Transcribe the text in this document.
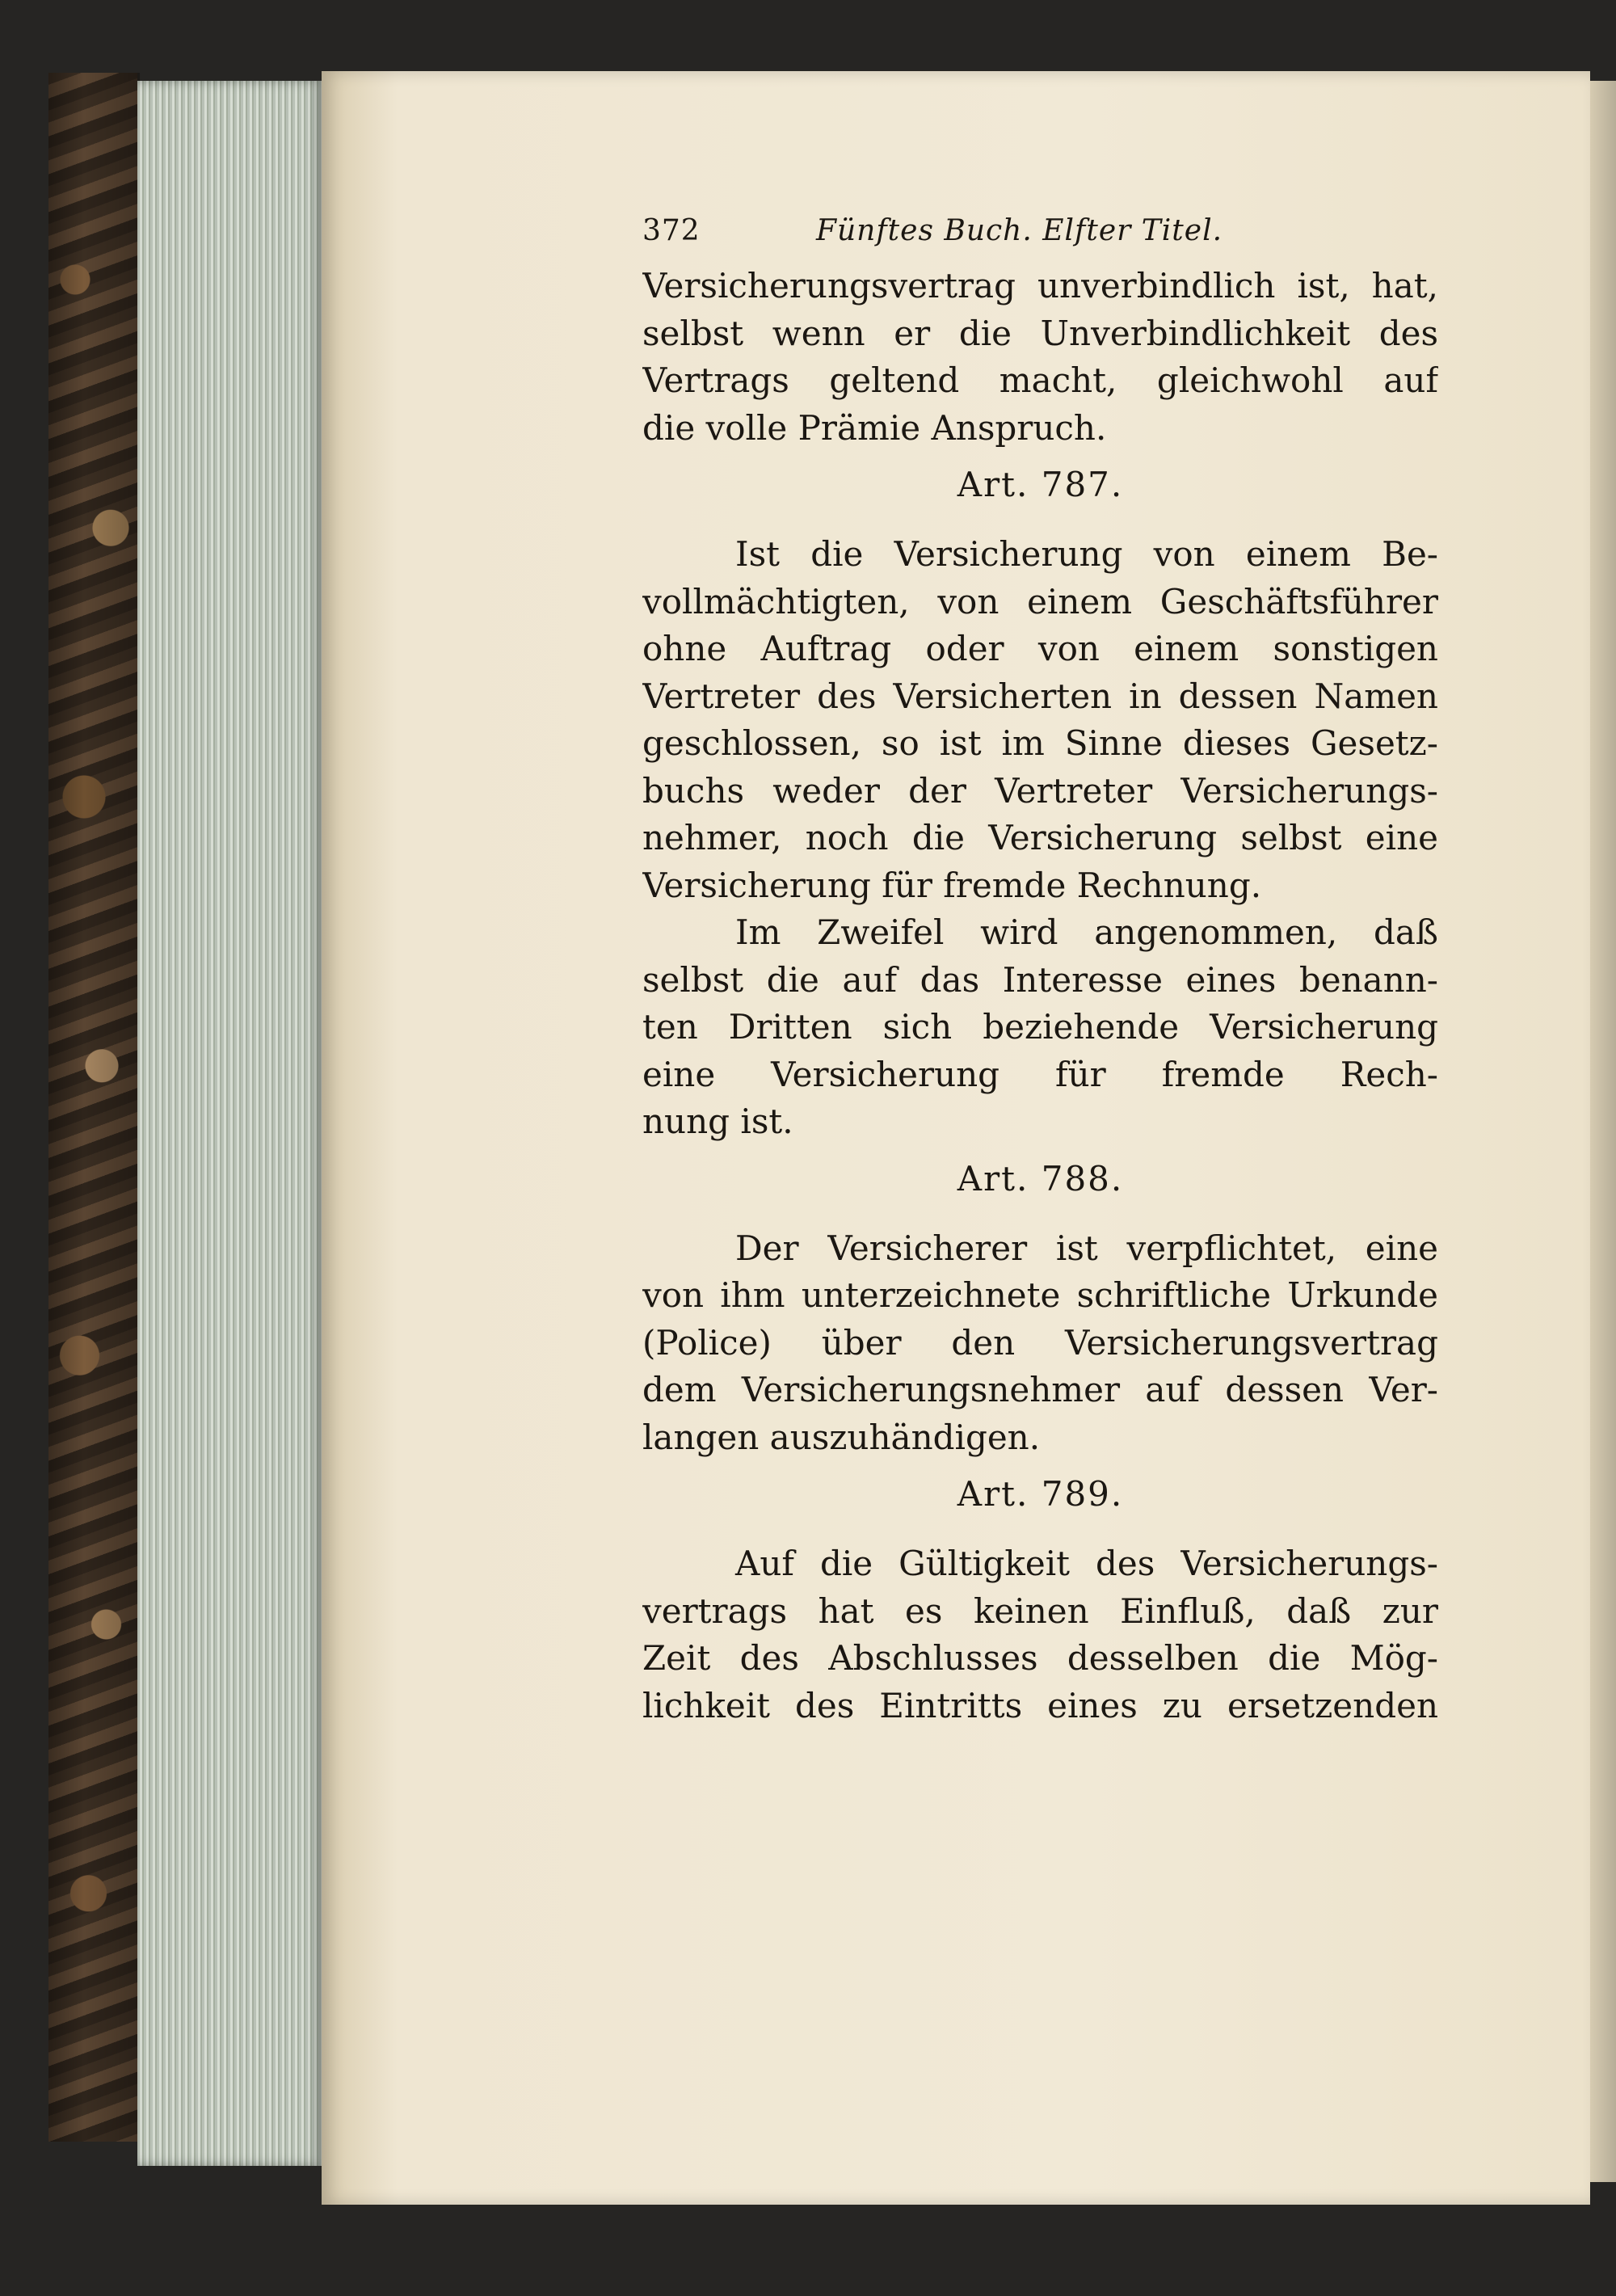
372	Fünftes Buch. Elfter Titel.
Versicherungsvertrag unverbindlich ist, hat,
selbst wenn er die Unverbindlichkeit des
Vertrags geltend macht, gleichwohl auf
die volle Prämie Anspruch.
Art. 787.
Ist die Versicherung von einem Be-
vollmächtigten, von einem Geschäftsführer
ohne Auftrag oder von einem sonstigen
Vertreter des Versicherten in dessen Namen
geschlossen, so ist im Sinne dieses Gesetz-
buchs weder der Vertreter Versicherungs-
nehmer, noch die Versicherung selbst eine
Versicherung für fremde Rechnung.
Im Zweifel wird angenommen, daß
selbst die auf das Interesse eines benann-
ten Dritten sich beziehende Versicherung
eine Versicherung für fremde Rech-
nung ist.
Art. 788.
Der Versicherer ist verpflichtet, eine
von ihm unterzeichnete schriftliche Urkunde
(Police) über den Versicherungsvertrag
dem Versicherungsnehmer auf dessen Ver-
langen auszuhändigen.
Art. 789.
Auf die Gültigkeit des Versicherungs-
vertrags hat es keinen Einfluß, daß zur
Zeit des Abschlusses desselben die Mög-
lichkeit des Eintritts eines zu ersetzenden
